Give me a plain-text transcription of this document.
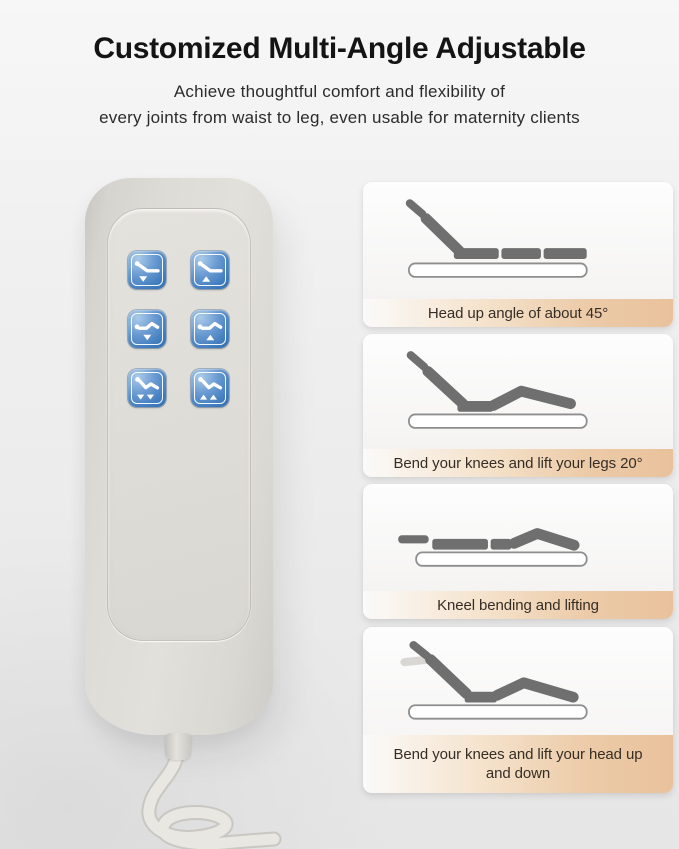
Customized Multi-Angle Adjustable

Achieve thoughtful comfort and flexibility of

every joints from waist to leg, even usable for maternity clients

Head up angle of about 45°
Bend your knees and lift your legs 20°
Kneel bending and lifting
Bend your knees and lift your head up and down
